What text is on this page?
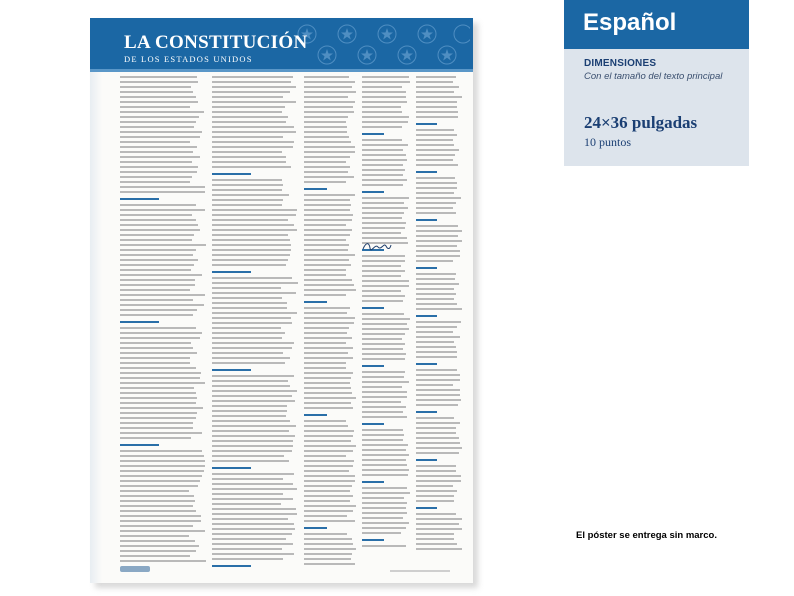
LA CONSTITUCIÓN
DE LOS ESTADOS UNIDOS
Español
DIMENSIONES
Con el tamaño del texto principal
24×36 pulgadas
10 puntos
El póster se entrega sin marco.
